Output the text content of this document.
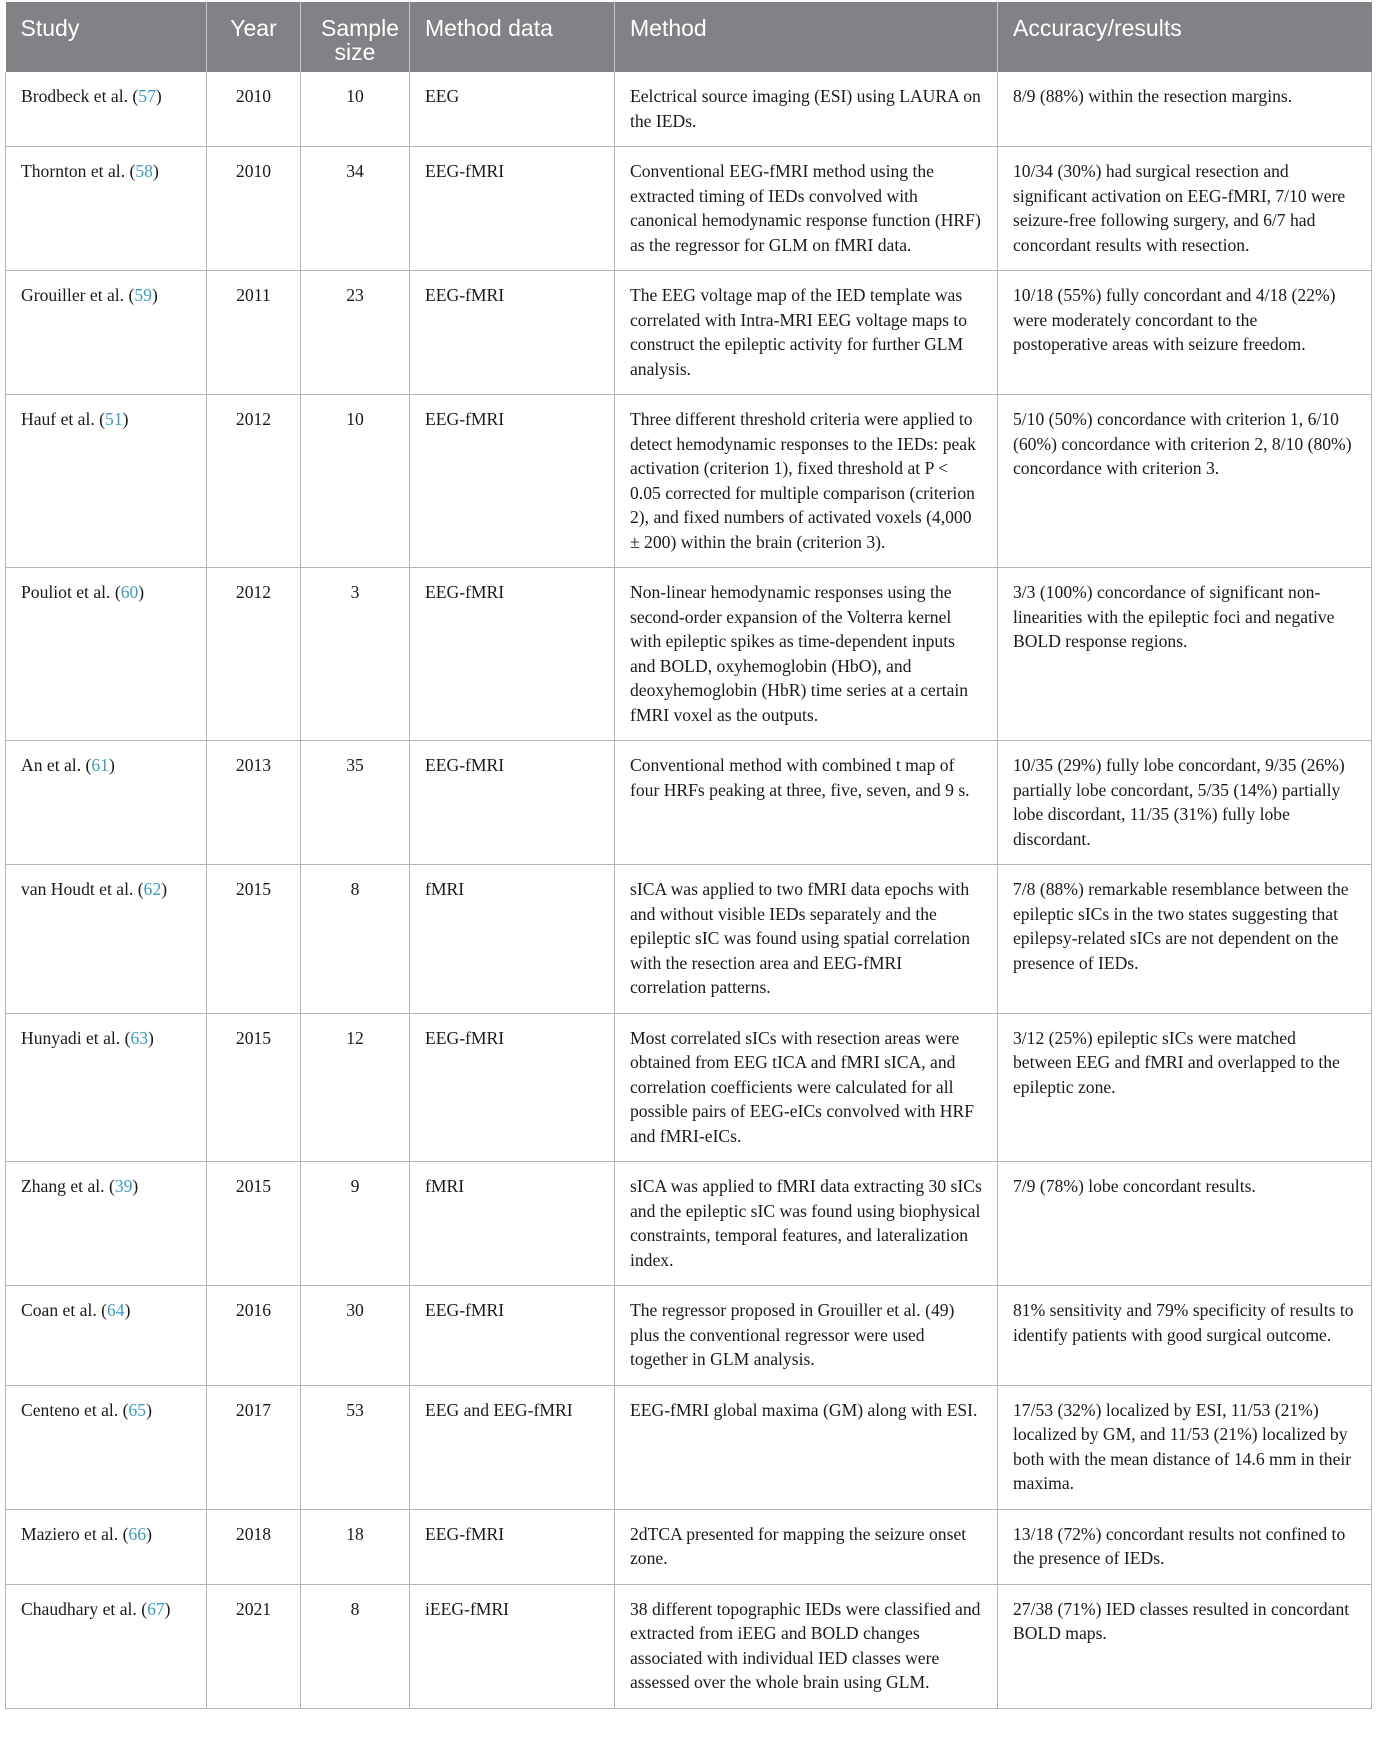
Study	Year	Sample size	Method data	Method	Accuracy/results
Brodbeck et al. (57)	2010	10	EEG	Eelctrical source imaging (ESI) using LAURA on the IEDs.	8/9 (88%) within the resection margins.
Thornton et al. (58)	2010	34	EEG-fMRI	Conventional EEG-fMRI method using the extracted timing of IEDs convolved with canonical hemodynamic response function (HRF) as the regressor for GLM on fMRI data.	10/34 (30%) had surgical resection and significant activation on EEG-fMRI, 7/10 were seizure-free following surgery, and 6/7 had concordant results with resection.
Grouiller et al. (59)	2011	23	EEG-fMRI	The EEG voltage map of the IED template was correlated with Intra-MRI EEG voltage maps to construct the epileptic activity for further GLM analysis.	10/18 (55%) fully concordant and 4/18 (22%) were moderately concordant to the postoperative areas with seizure freedom.
Hauf et al. (51)	2012	10	EEG-fMRI	Three different threshold criteria were applied to detect hemodynamic responses to the IEDs: peak activation (criterion 1), fixed threshold at P < 0.05 corrected for multiple comparison (criterion 2), and fixed numbers of activated voxels (4,000 ± 200) within the brain (criterion 3).	5/10 (50%) concordance with criterion 1, 6/10 (60%) concordance with criterion 2, 8/10 (80%) concordance with criterion 3.
Pouliot et al. (60)	2012	3	EEG-fMRI	Non-linear hemodynamic responses using the second-order expansion of the Volterra kernel with epileptic spikes as time-dependent inputs and BOLD, oxyhemoglobin (HbO), and deoxyhemoglobin (HbR) time series at a certain fMRI voxel as the outputs.	3/3 (100%) concordance of significant non-linearities with the epileptic foci and negative BOLD response regions.
An et al. (61)	2013	35	EEG-fMRI	Conventional method with combined t map of four HRFs peaking at three, five, seven, and 9 s.	10/35 (29%) fully lobe concordant, 9/35 (26%) partially lobe concordant, 5/35 (14%) partially lobe discordant, 11/35 (31%) fully lobe discordant.
van Houdt et al. (62)	2015	8	fMRI	sICA was applied to two fMRI data epochs with and without visible IEDs separately and the epileptic sIC was found using spatial correlation with the resection area and EEG-fMRI correlation patterns.	7/8 (88%) remarkable resemblance between the epileptic sICs in the two states suggesting that epilepsy-related sICs are not dependent on the presence of IEDs.
Hunyadi et al. (63)	2015	12	EEG-fMRI	Most correlated sICs with resection areas were obtained from EEG tICA and fMRI sICA, and correlation coefficients were calculated for all possible pairs of EEG-eICs convolved with HRF and fMRI-eICs.	3/12 (25%) epileptic sICs were matched between EEG and fMRI and overlapped to the epileptic zone.
Zhang et al. (39)	2015	9	fMRI	sICA was applied to fMRI data extracting 30 sICs and the epileptic sIC was found using biophysical constraints, temporal features, and lateralization index.	7/9 (78%) lobe concordant results.
Coan et al. (64)	2016	30	EEG-fMRI	The regressor proposed in Grouiller et al. (49) plus the conventional regressor were used together in GLM analysis.	81% sensitivity and 79% specificity of results to identify patients with good surgical outcome.
Centeno et al. (65)	2017	53	EEG and EEG-fMRI	EEG-fMRI global maxima (GM) along with ESI.	17/53 (32%) localized by ESI, 11/53 (21%) localized by GM, and 11/53 (21%) localized by both with the mean distance of 14.6 mm in their maxima.
Maziero et al. (66)	2018	18	EEG-fMRI	2dTCA presented for mapping the seizure onset zone.	13/18 (72%) concordant results not confined to the presence of IEDs.
Chaudhary et al. (67)	2021	8	iEEG-fMRI	38 different topographic IEDs were classified and extracted from iEEG and BOLD changes associated with individual IED classes were assessed over the whole brain using GLM.	27/38 (71%) IED classes resulted in concordant BOLD maps.
